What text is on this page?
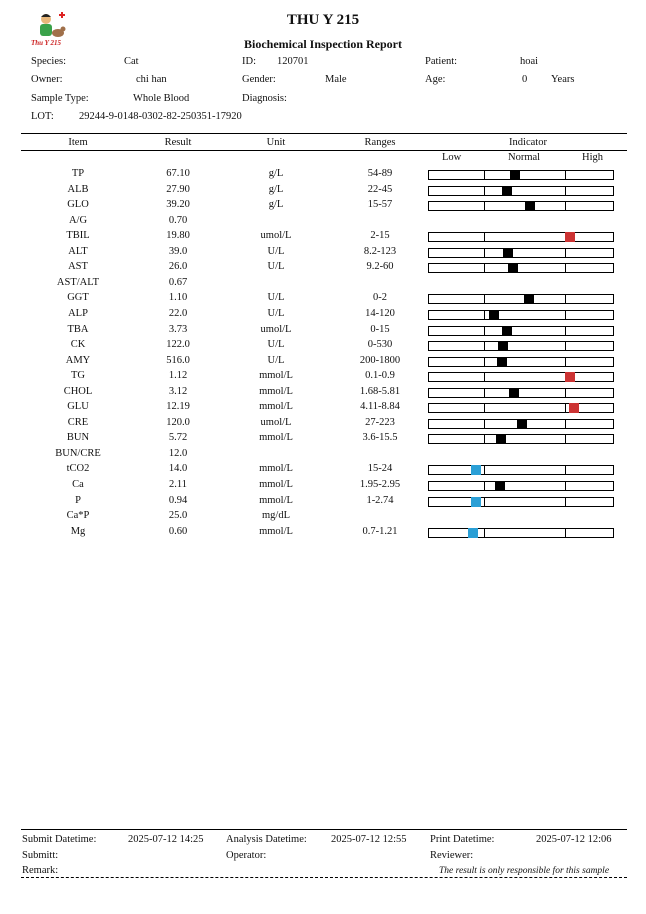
Thu Y 215
THU Y 215
Biochemical Inspection Report
Species:	Cat	ID: 120701	Patient:	hoai
Owner:	chi han	Gender:	Male	Age:	0 Years
Sample Type:	Whole Blood	Diagnosis:
LOT: 29244-9-0148-0302-82-250351-17920
Item	Result	Unit	Ranges	Indicator
Low	Normal	High
TP	67.10	g/L	54-89
ALB	27.90	g/L	22-45
GLO	39.20	g/L	15-57
A/G	0.70
TBIL	19.80	umol/L	2-15
ALT	39.0	U/L	8.2-123
AST	26.0	U/L	9.2-60
AST/ALT	0.67
GGT	1.10	U/L	0-2
ALP	22.0	U/L	14-120
TBA	3.73	umol/L	0-15
CK	122.0	U/L	0-530
AMY	516.0	U/L	200-1800
TG	1.12	mmol/L	0.1-0.9
CHOL	3.12	mmol/L	1.68-5.81
GLU	12.19	mmol/L	4.11-8.84
CRE	120.0	umol/L	27-223
BUN	5.72	mmol/L	3.6-15.5
BUN/CRE	12.0
tCO2	14.0	mmol/L	15-24
Ca	2.11	mmol/L	1.95-2.95
P	0.94	mmol/L	1-2.74
Ca*P	25.0	mg/dL
Mg	0.60	mmol/L	0.7-1.21
Submit Datetime:	2025-07-12 14:25 Analysis Datetime: 2025-07-12 12:55 Print Datetime:	2025-07-12 12:06
Submitt:	Operator:	Reviewer:
Remark:	The result is only responsible for this sample
